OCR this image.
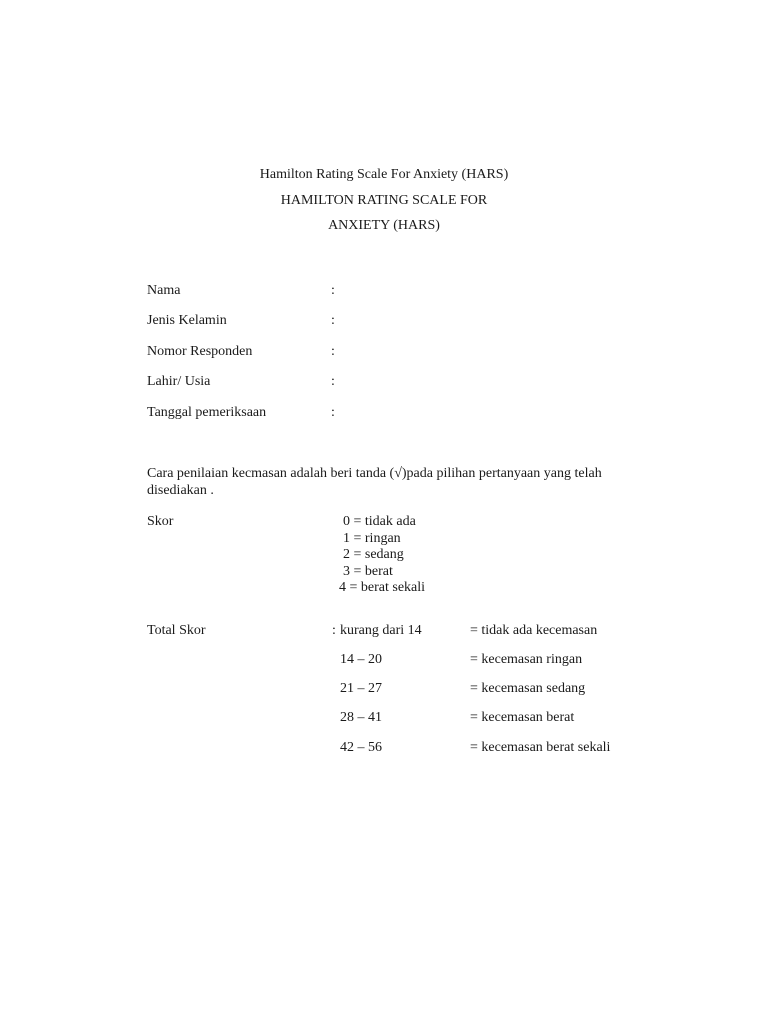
Hamilton Rating Scale For Anxiety (HARS)
HAMILTON RATING SCALE FOR
ANXIETY (HARS)
Nama	:
Jenis Kelamin	:
Nomor Responden	:
Lahir/ Usia	:
Tanggal pemeriksaan	:
Cara penilaian kecmasan adalah beri tanda (√)pada pilihan pertanyaan yang telah
disediakan .
Skor	0 = tidak ada
1 = ringan
2 = sedang
3 = berat
4 = berat sekali
Total Skor	: kurang dari 14	= tidak ada kecemasan
14 – 20	= kecemasan ringan
21 – 27	= kecemasan sedang
28 – 41	= kecemasan berat
42 – 56	= kecemasan berat sekali
